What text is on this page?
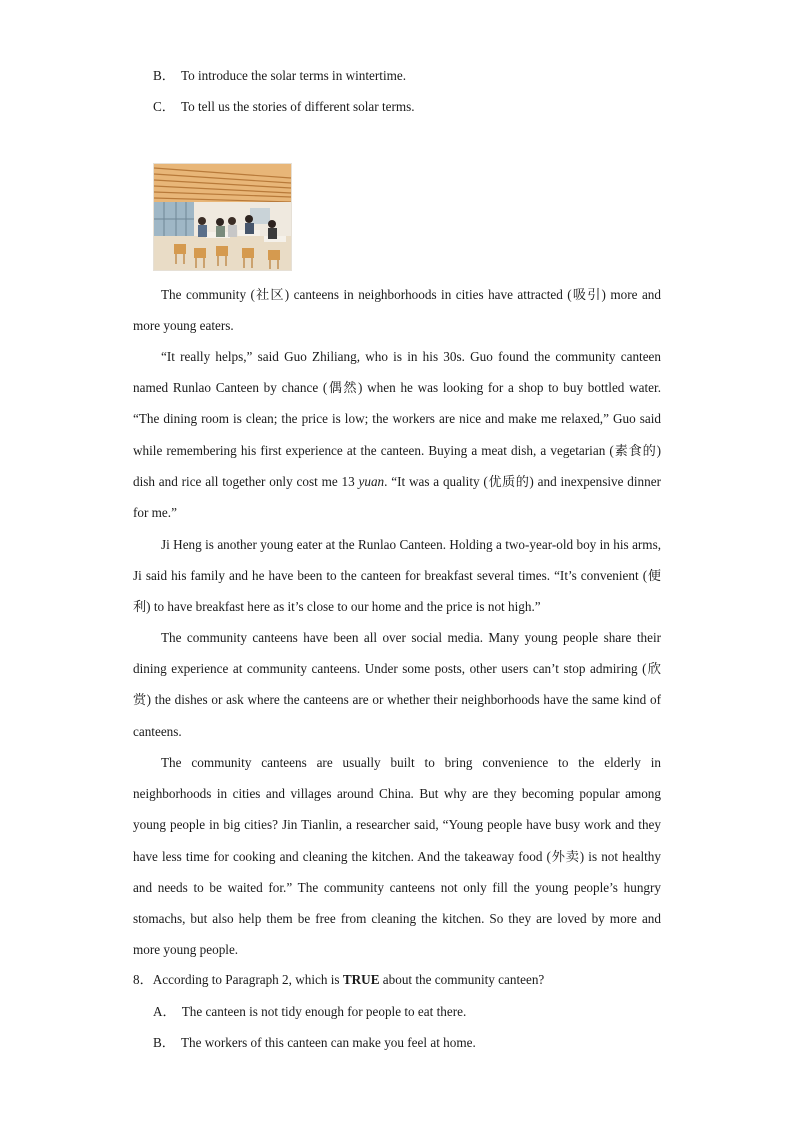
B． To introduce the solar terms in wintertime.
C． To tell us the stories of different solar terms.

The community (社区) canteens in neighborhoods in cities have attracted (吸引) more and more young eaters.

“It really helps,” said Guo Zhiliang, who is in his 30s. Guo found the community canteen named Runlao Canteen by chance (偶然) when he was looking for a shop to buy bottled water. “The dining room is clean; the price is low; the workers are nice and make me relaxed,” Guo said while remembering his first experience at the canteen. Buying a meat dish, a vegetarian (素食的) dish and rice all together only cost me 13 yuan. “It was a quality (优质的) and inexpensive dinner for me.”

Ji Heng is another young eater at the Runlao Canteen. Holding a two-year-old boy in his arms, Ji said his family and he have been to the canteen for breakfast several times. “It’s convenient (便利) to have breakfast here as it’s close to our home and the price is not high.”

The community canteens have been all over social media. Many young people share their dining experience at community canteens. Under some posts, other users can’t stop admiring (欣赏) the dishes or ask where the canteens are or whether their neighborhoods have the same kind of canteens.

The community canteens are usually built to bring convenience to the elderly in neighborhoods in cities and villages around China. But why are they becoming popular among young people in big cities? Jin Tianlin, a researcher said, “Young people have busy work and they have less time for cooking and cleaning the kitchen. And the takeaway food (外卖) is not healthy and needs to be waited for.” The community canteens not only fill the young people’s hungry stomachs, but also help them be free from cleaning the kitchen. So they are loved by more and more young people.

8．According to Paragraph 2, which is TRUE about the community canteen?
A． The canteen is not tidy enough for people to eat there.
B． The workers of this canteen can make you feel at home.
